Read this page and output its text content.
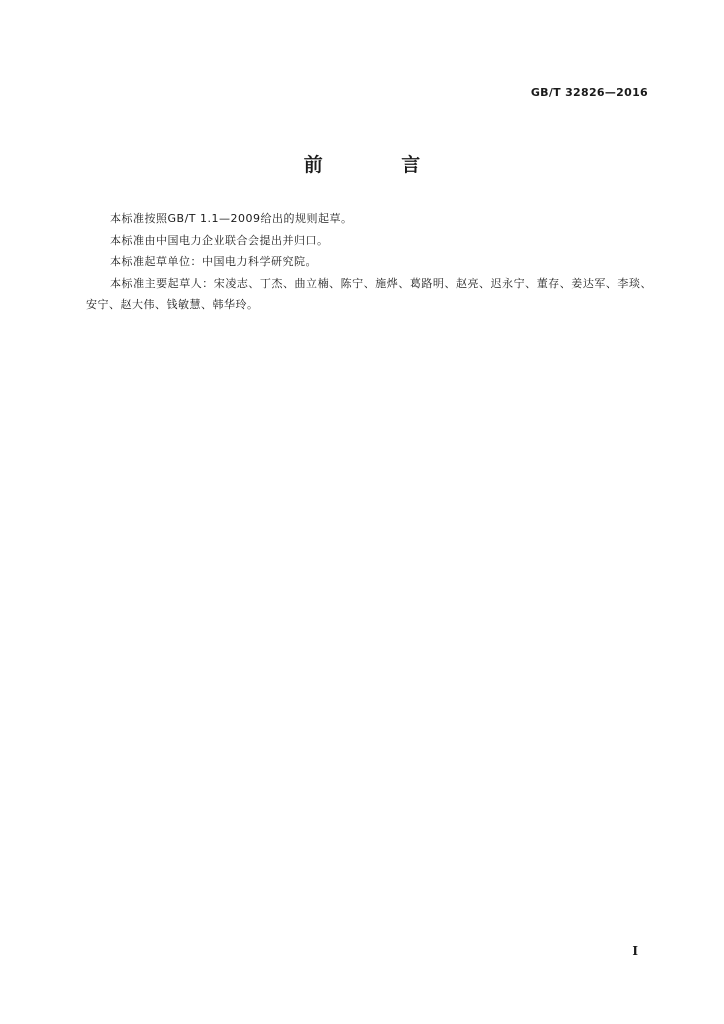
GB/T 32826—2016
前 言

本标准按照GB/T 1.1—2009给出的规则起草。

本标准由中国电力企业联合会提出并归口。

本标准起草单位：中国电力科学研究院。

本标准主要起草人：宋凌志、丁杰、曲立楠、陈宁、施烨、葛路明、赵亮、迟永宁、董存、姜达军、李琰、安宁、赵大伟、钱敏慧、韩华玲。

Ⅰ
